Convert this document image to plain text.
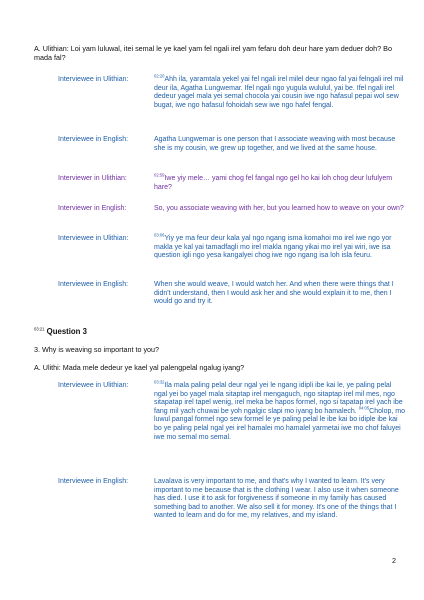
A. Ulithian: Loi yam luluwal, itei semal le ye kael yam fel ngali irel yam fefaru doh deur hare yam deduer doh? Bo mada fal?
Interviewee in Ulithian:	$^{02:20}$Ahh ila, yaramtala yekel yai fel ngali irel milel deur ngao fal yai felngali irel mil deur ila, Agatha Lungwemar. Ifel ngali ngo yugula wululul, yai be. Ifel ngali irel dedeur yagel mala yei semal chocola yai cousin iwe ngo hafasul pepai wol sew bugat, iwe ngo hafasul fohoidah sew iwe ngo hafel fengal.
Interviewee in English:	Agatha Lungwemar is one person that I associate weaving with most because she is my cousin, we grew up together, and we lived at the same house.
Interviewer in Ulithian:	$^{02:59}$Iwe yiy mele… yami chog fel fangal ngo gel ho kai loh chog deur lufulyem hare?
Interviewer in English:	So, you associate weaving with her, but you learned how to weave on your own?
Interviewee in Ulithian:	$^{03:06}$Yiy ye ma feur deur kala yal ngo ngang isma komahoi mo irel iwe ngo yor makla ye kal yai tamadfagli mo irel makla ngang yikai mo irel yai wiri, iwe isa question igli ngo yesa kangalyei chog iwe ngo ngang isa loh isla feuru.
Interviewee in English:	When she would weave, I would watch her. And when there were things that I didn't understand, then I would ask her and she would explain it to me, then I would go and try it.
$^{03:21}$ Question 3
3. Why is weaving so important to you?
A. Ulithi: Mada mele dedeur ye kael yal palengpelal ngalug iyang?
Interviewee in Ulithian:	$^{03:32}$Ila mala paling pelal deur ngal yei le ngang idipli ibe kai le, ye paling pelal ngal yei bo yagel mala sitaptap irel mengaguch, ngo sitaptap irel mil mes, ngo sitapatap irel tapel wenig, irel meka be hapos formel, ngo si tapatap irel yach ibe fang mil yach chuwai be yoh ngalgic slapi mo iyang bo hamalech. $^{04:05}$Cholop, mo luwul pangal formel ngo sew formel le ye paling pelal le ibe kai bo idiple ibe kai bo ye paling pelal ngal yei irel hamalei mo hamalel yarmetai iwe mo chof faluyei iwe mo semal mo semal.
Interviewee in English:	Lavalava is very important to me, and that's why I wanted to learn. It's very important to me because that is the clothing I wear. I also use it when someone has died. I use it to ask for forgiveness if someone in my family has caused something bad to another. We also sell it for money. It's one of the things that I wanted to learn and do for me, my relatives, and my island.
2
